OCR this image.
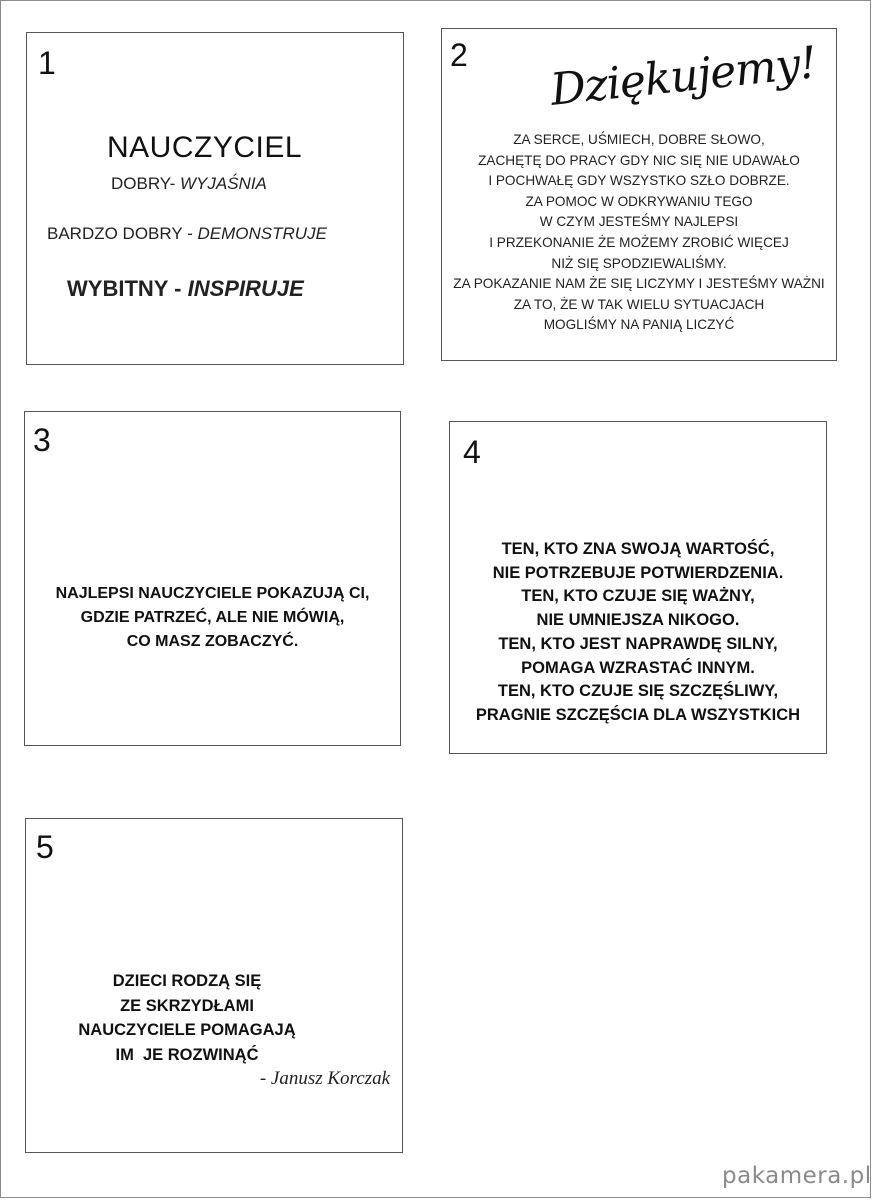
1
NAUCZYCIEL
DOBRY- WYJAŚNIA
BARDZO DOBRY - DEMONSTRUJE
WYBITNY - INSPIRUJE
2 Dziękujemy!
ZA SERCE, UŚMIECH, DOBRE SŁOWO,
ZACHĘTĘ DO PRACY GDY NIC SIĘ NIE UDAWAŁO
I POCHWAŁĘ GDY WSZYSTKO SZŁO DOBRZE.
ZA POMOC W ODKRYWANIU TEGO
W CZYM JESTEŚMY NAJLEPSI
I PRZEKONANIE ŻE MOŻEMY ZROBIĆ WIĘCEJ
NIŻ SIĘ SPODZIEWALIŚMY.
ZA POKAZANIE NAM ŻE SIĘ LICZYMY I JESTEŚMY WAŻNI
ZA TO, ŻE W TAK WIELU SYTUACJACH
MOGLIŚMY NA PANIĄ LICZYĆ
3
NAJLEPSI NAUCZYCIELE POKAZUJĄ CI,
GDZIE PATRZEĆ, ALE NIE MÓWIĄ,
CO MASZ ZOBACZYĆ.
4
TEN, KTO ZNA SWOJĄ WARTOŚĆ,
NIE POTRZEBUJE POTWIERDZENIA.
TEN, KTO CZUJE SIĘ WAŻNY,
NIE UMNIEJSZA NIKOGO.
TEN, KTO JEST NAPRAWDĘ SILNY,
POMAGA WZRASTAĆ INNYM.
TEN, KTO CZUJE SIĘ SZCZĘŚLIWY,
PRAGNIE SZCZĘŚCIA DLA WSZYSTKICH
5
DZIECI RODZĄ SIĘ
ZE SKRZYDŁAMI
NAUCZYCIELE POMAGAJĄ
IM  JE ROZWINĄĆ
- Janusz Korczak
pakamera.pl
